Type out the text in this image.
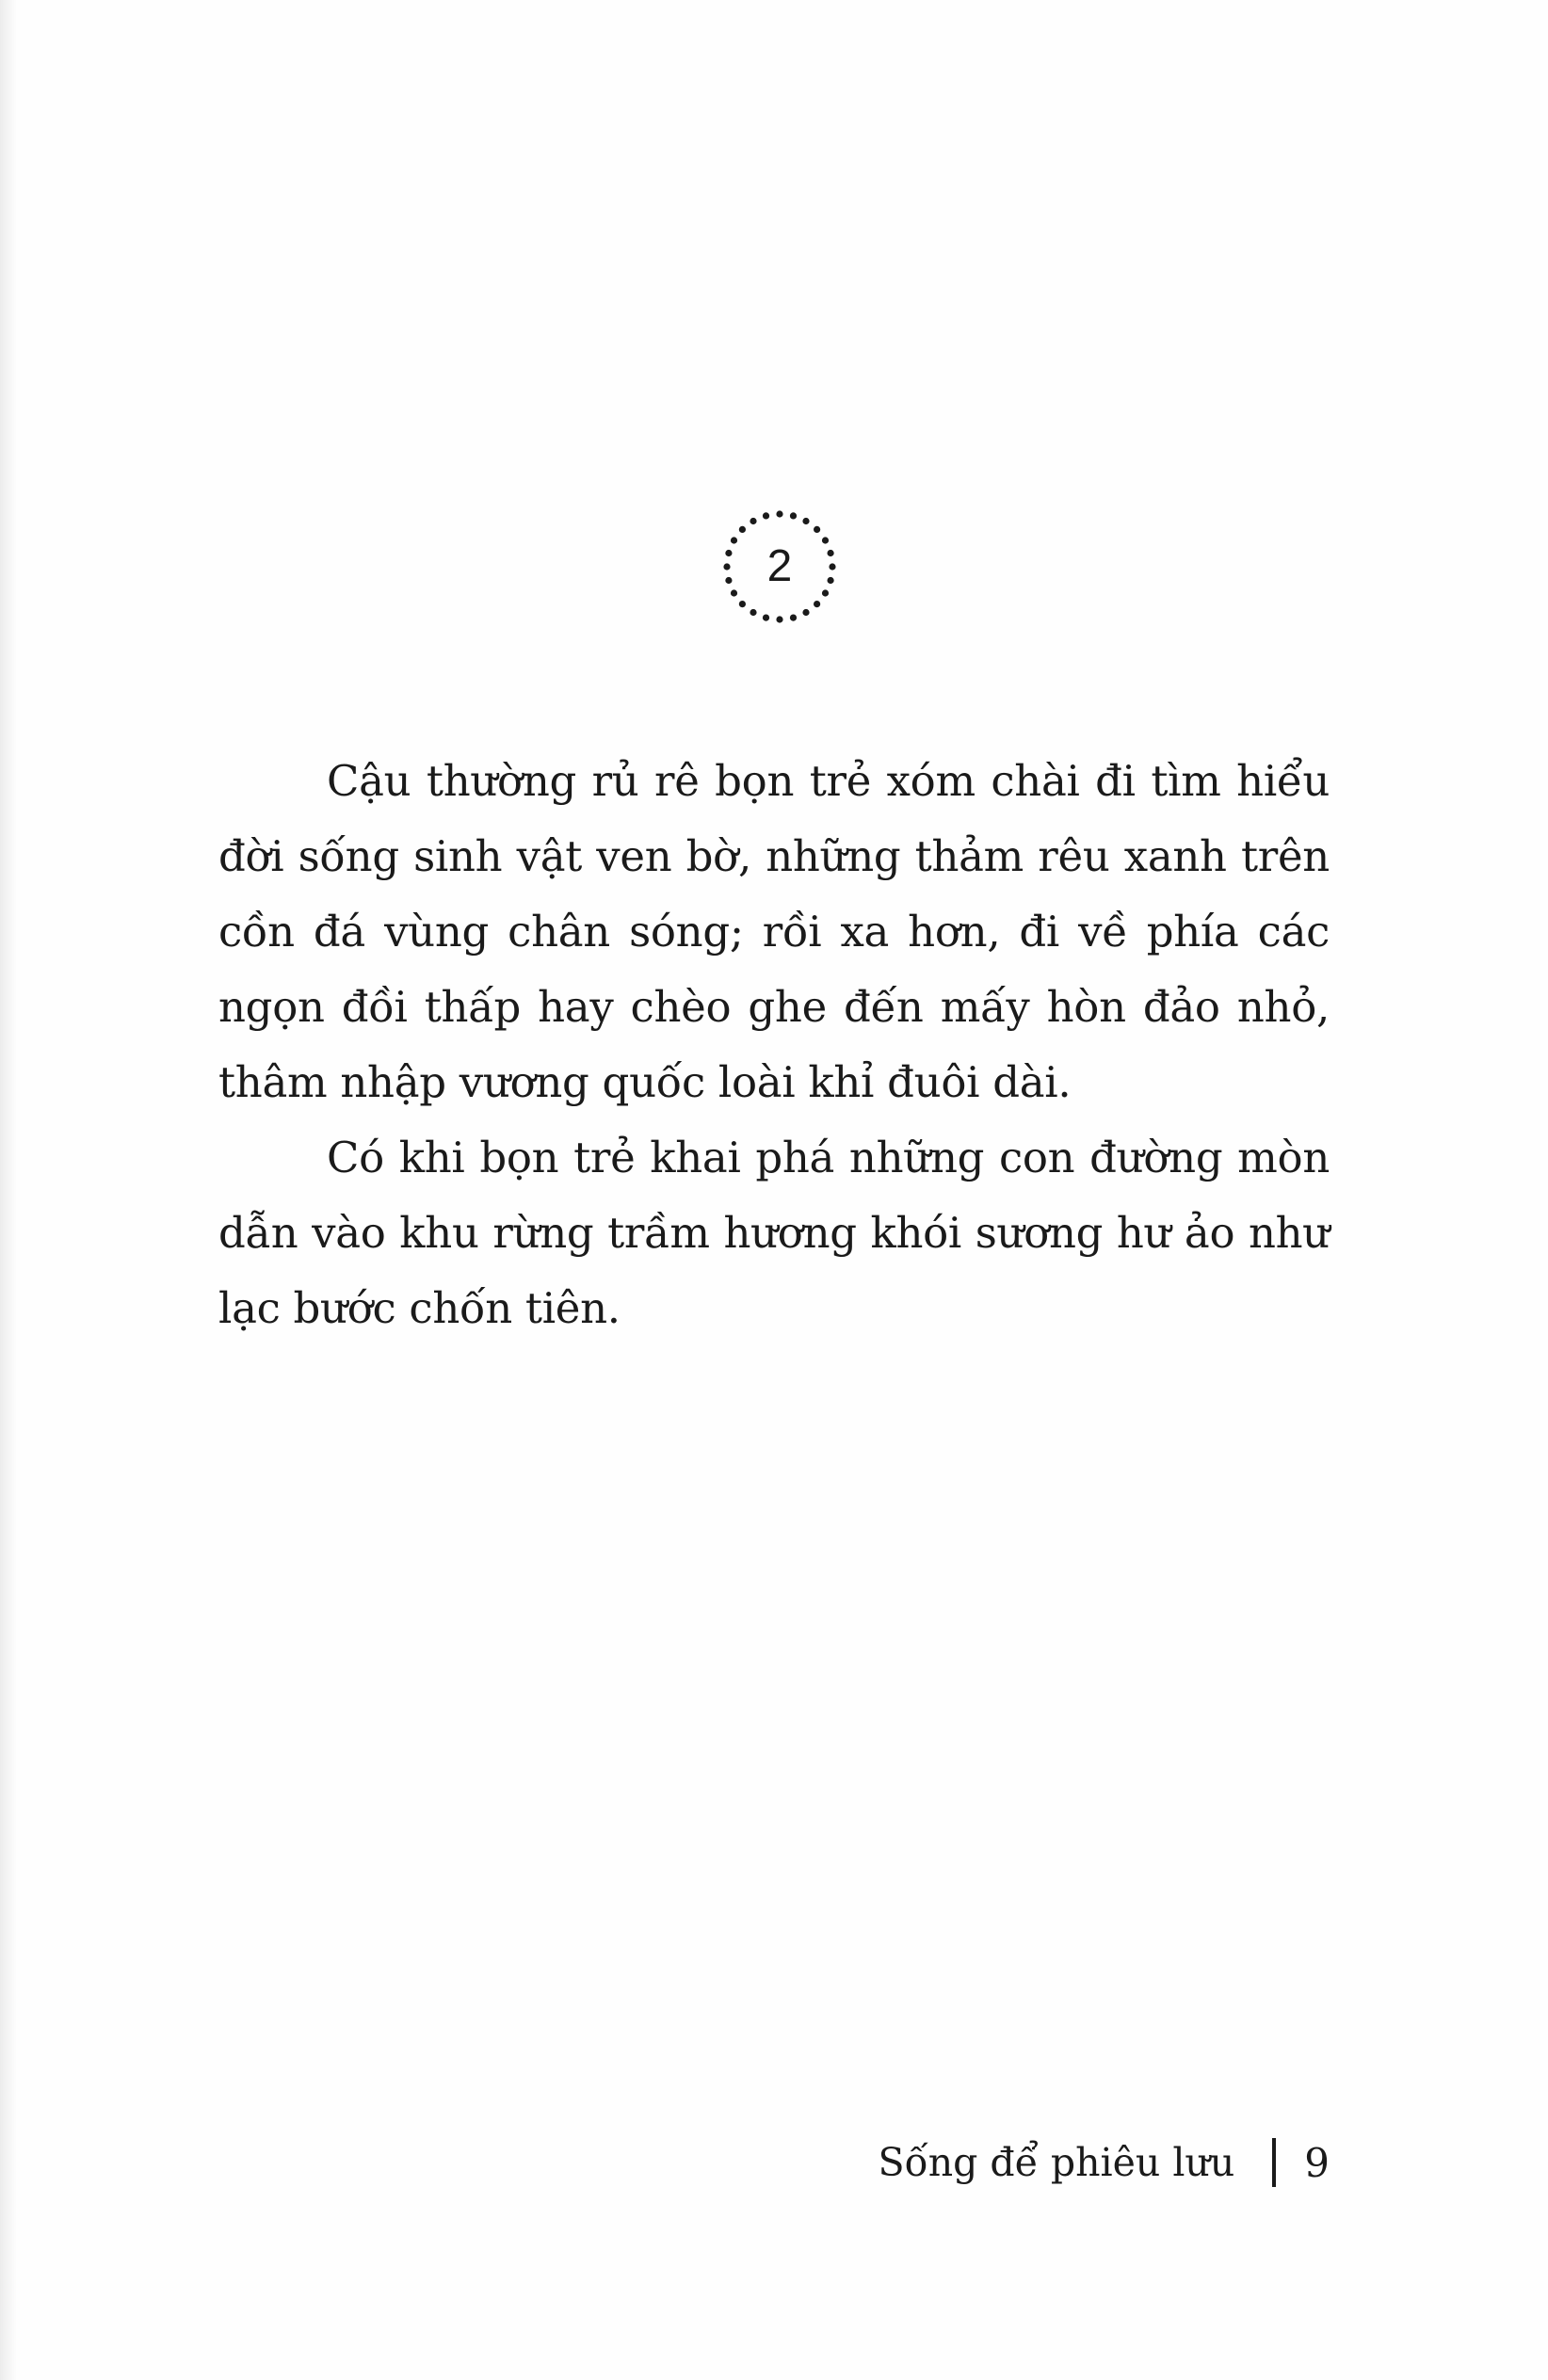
2

Cậu thường rủ rê bọn trẻ xóm chài đi tìm hiểu đời sống sinh vật ven bờ, những thảm rêu xanh trên cồn đá vùng chân sóng; rồi xa hơn, đi về phía các ngọn đồi thấp hay chèo ghe đến mấy hòn đảo nhỏ, thâm nhập vương quốc loài khỉ đuôi dài.

Có khi bọn trẻ khai phá những con đường mòn dẫn vào khu rừng trầm hương khói sương hư ảo như lạc bước chốn tiên.

Sống để phiêu lưu 9
